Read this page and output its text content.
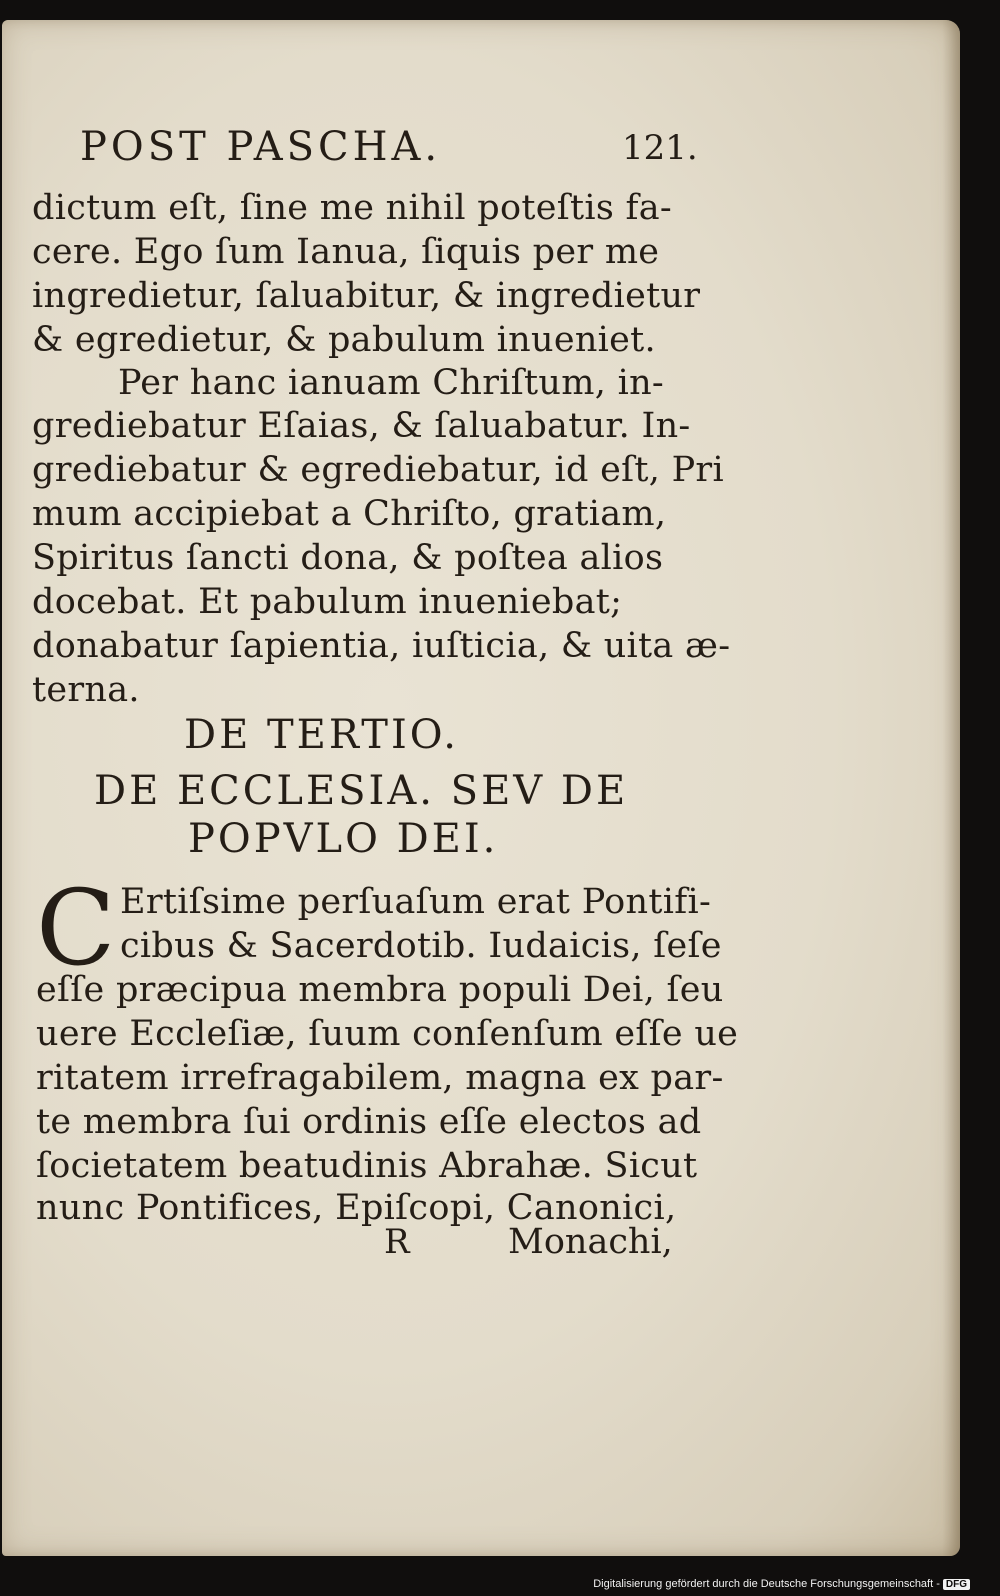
POST PASCHA.	121.
dictum eſt, ſine me nihil poteſtis fa-
cere. Ego ſum Ianua, ſiquis per me
ingredietur, ſaluabitur, & ingredietur
& egredietur, & pabulum inueniet.
Per hanc ianuam Chriſtum, in-
grediebatur Eſaias, & ſaluabatur. In-
grediebatur & egrediebatur, id eſt, Pri
mum accipiebat a Chriſto, gratiam,
Spiritus ſancti dona, & poſtea alios
docebat. Et pabulum inueniebat;
donabatur ſapientia, iuſticia, & uita æ-
terna.
DE TERTIO.
DE ECCLESIA. SEV DE
POPVLO DEI.
C Ertiſsime perſuaſum erat Pontifi-
cibus & Sacerdotib. Iudaicis, ſeſe
eſſe præcipua membra populi Dei, ſeu
uere Eccleſiæ, ſuum conſenſum eſſe ue
ritatem irrefragabilem, magna ex par-
te membra ſui ordinis eſſe electos ad
ſocietatem beatudinis Abrahæ. Sicut
nunc Pontifices, Epiſcopi, Canonici,
R	Monachi,
Digitalisierung gefördert durch die Deutsche Forschungsgemeinschaft - DFG
